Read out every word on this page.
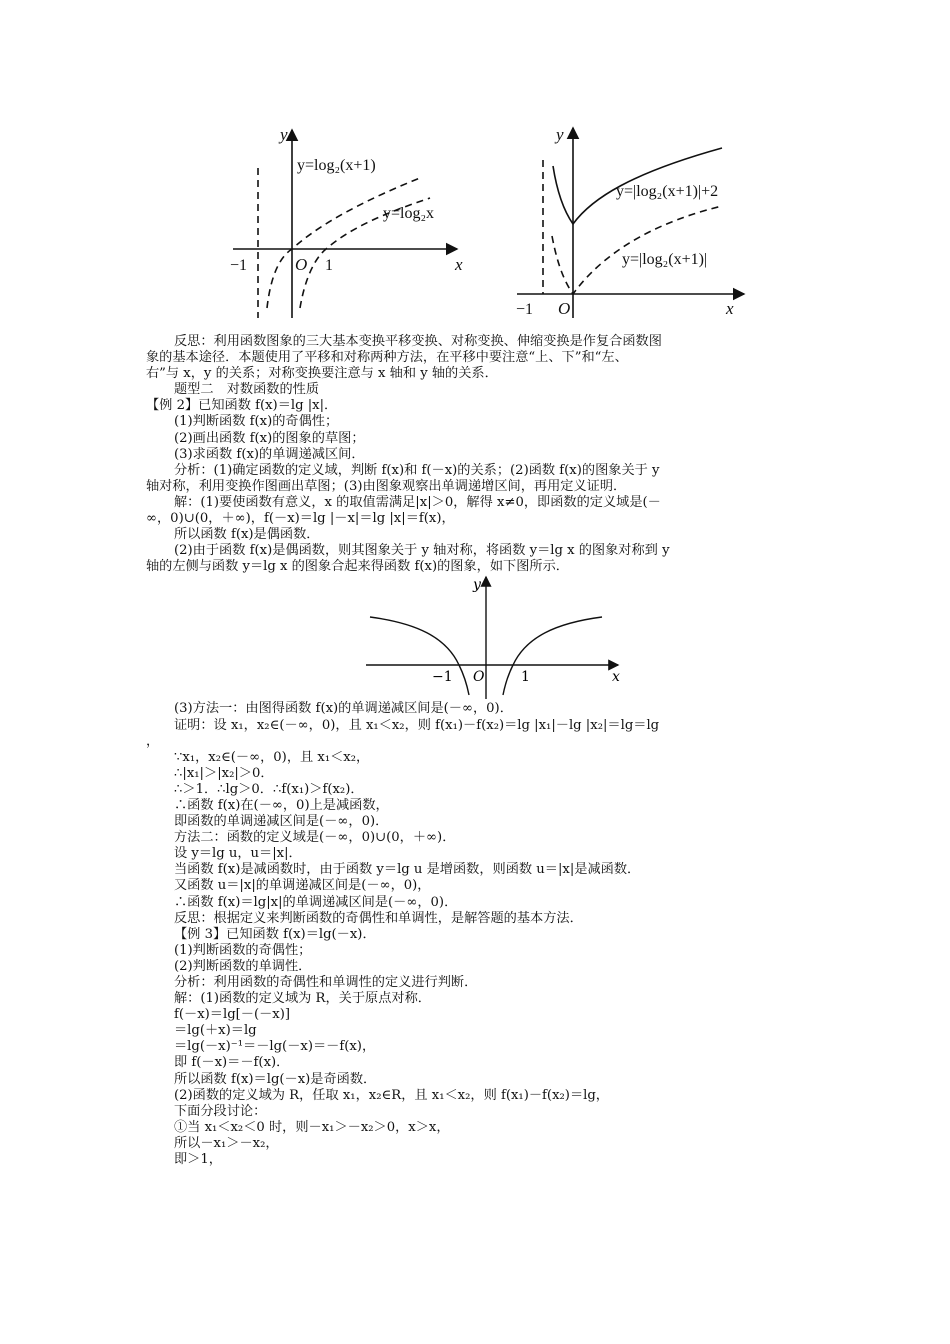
y
x
O
−1	1
y=log₂(x+1)
y=log₂x
y
x
O
−1
y=|log₂(x+1)|+2
y=|log₂(x+1)|
反思：利用函数图象的三大基本变换平移变换、对称变换、伸缩变换是作复合函数图
象的基本途径．本题使用了平移和对称两种方法，在平移中要注意“上、下”和“左、
右”与 x，y 的关系；对称变换要注意与 x 轴和 y 轴的关系．
题型二　对数函数的性质
【例 2】已知函数 f(x)＝lg |x|．
(1)判断函数 f(x)的奇偶性；
(2)画出函数 f(x)的图象的草图；
(3)求函数 f(x)的单调递减区间．
分析：(1)确定函数的定义域，判断 f(x)和 f(－x)的关系；(2)函数 f(x)的图象关于 y
轴对称，利用变换作图画出草图；(3)由图象观察出单调递增区间，再用定义证明．
解：(1)要使函数有意义，x 的取值需满足|x|＞0，解得 x≠0，即函数的定义域是(－
∞，0)∪(0，＋∞)，f(－x)＝lg |－x|＝lg |x|＝f(x)，
所以函数 f(x)是偶函数．
(2)由于函数 f(x)是偶函数，则其图象关于 y 轴对称，将函数 y＝lg x 的图象对称到 y
轴的左侧与函数 y＝lg x 的图象合起来得函数 f(x)的图象，如下图所示．
y
x
O
−1	1
(3)方法一：由图得函数 f(x)的单调递减区间是(－∞，0)．
证明：设 x₁，x₂∈(－∞，0)，且 x₁＜x₂，则 f(x₁)－f(x₂)＝lg |x₁|－lg |x₂|＝lg＝lg
，
∵x₁，x₂∈(－∞，0)，且 x₁＜x₂，
∴|x₁|＞|x₂|＞0．
∴＞1．∴lg＞0．∴f(x₁)＞f(x₂)．
∴函数 f(x)在(－∞，0)上是减函数，
即函数的单调递减区间是(－∞，0)．
方法二：函数的定义域是(－∞，0)∪(0，＋∞)．
设 y＝lg u，u＝|x|．
当函数 f(x)是减函数时，由于函数 y＝lg u 是增函数，则函数 u＝|x|是减函数．
又函数 u＝|x|的单调递减区间是(－∞，0)，
∴函数 f(x)＝lg|x|的单调递减区间是(－∞，0)．
反思：根据定义来判断函数的奇偶性和单调性，是解答题的基本方法．
【例 3】已知函数 f(x)＝lg(－x)．
(1)判断函数的奇偶性；
(2)判断函数的单调性．
分析：利用函数的奇偶性和单调性的定义进行判断．
解：(1)函数的定义域为 R，关于原点对称．
f(－x)＝lg[－(－x)]
＝lg(＋x)＝lg
＝lg(－x)⁻¹＝－lg(－x)＝－f(x)，
即 f(－x)＝－f(x)．
所以函数 f(x)＝lg(－x)是奇函数．
(2)函数的定义域为 R，任取 x₁，x₂∈R，且 x₁＜x₂，则 f(x₁)－f(x₂)＝lg，
下面分段讨论：
①当 x₁＜x₂＜0 时，则－x₁＞－x₂＞0，x＞x，
所以－x₁＞－x₂，
即＞1，
